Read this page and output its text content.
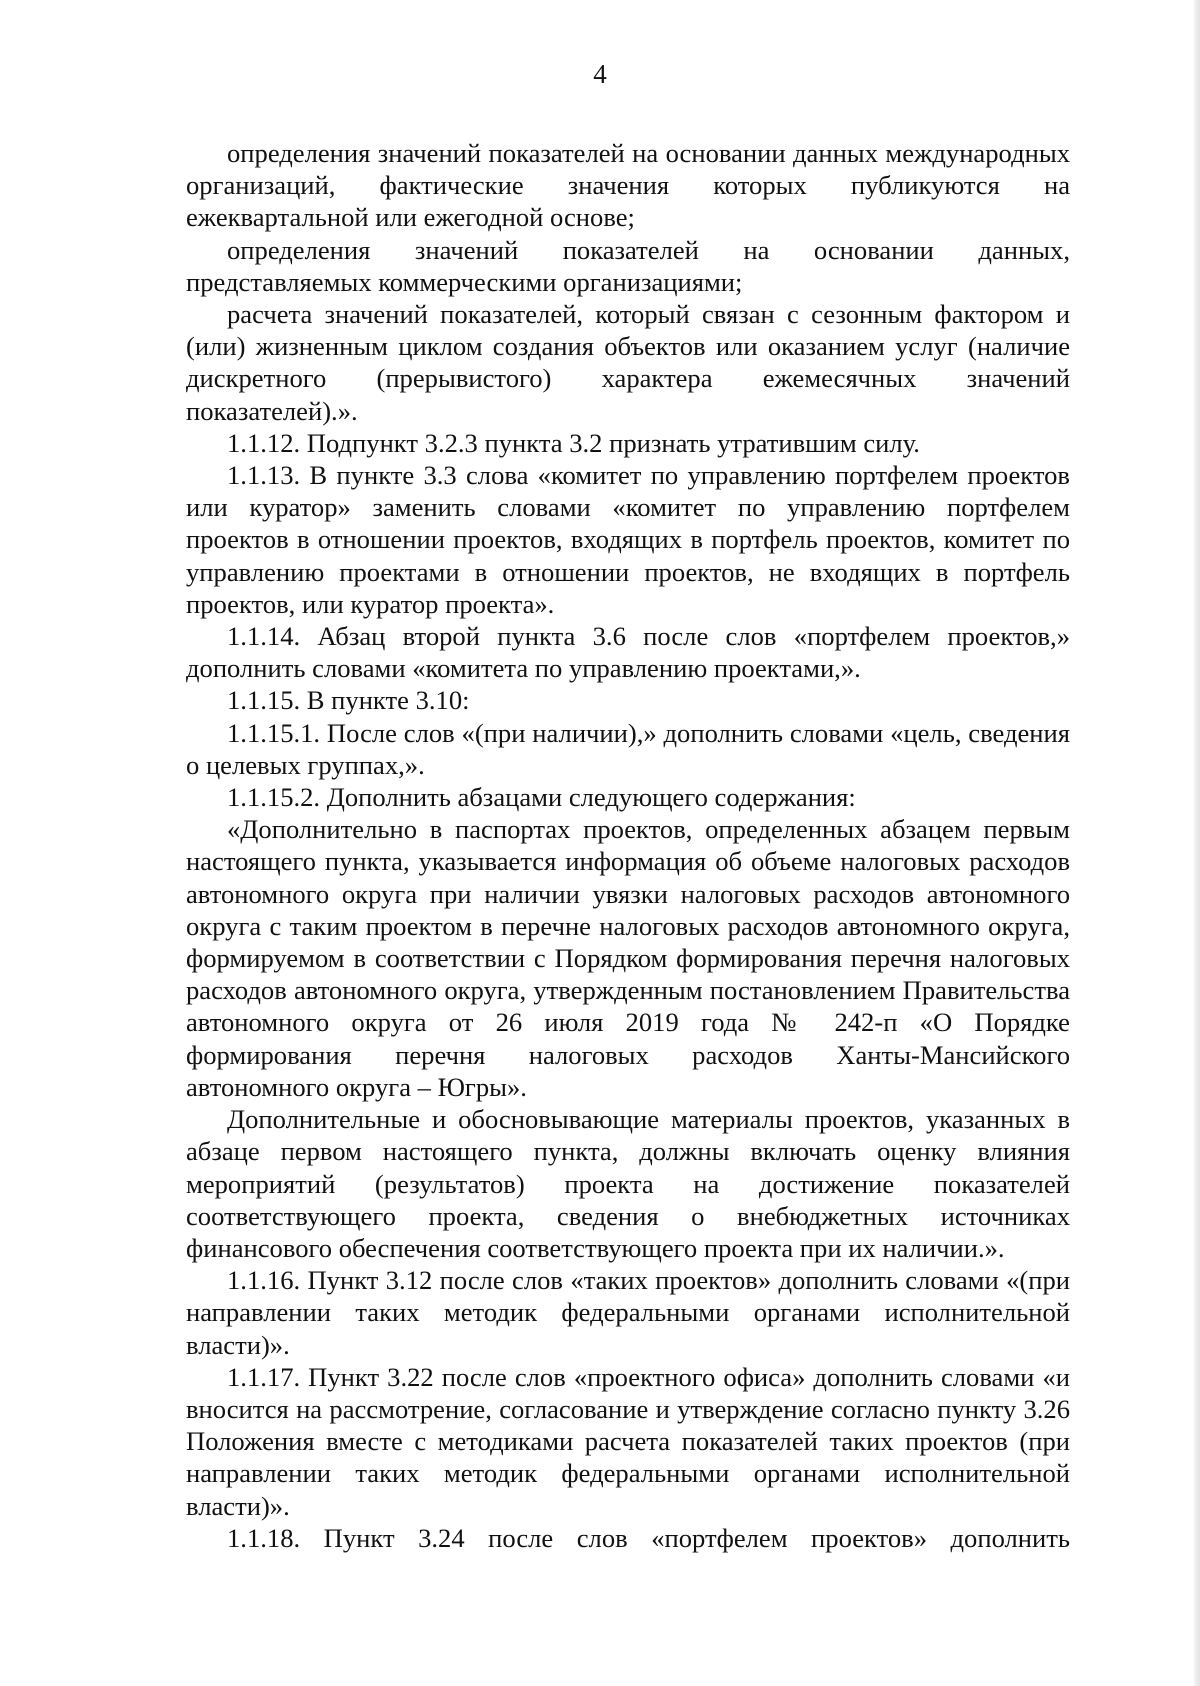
4

определения значений показателей на основании данных международных организаций, фактические значения которых публикуются на ежеквартальной или ежегодной основе;

определения значений показателей на основании данных, представляемых коммерческими организациями;

расчета значений показателей, который связан с сезонным фактором и (или) жизненным циклом создания объектов или оказанием услуг (наличие дискретного (прерывистого) характера ежемесячных значений показателей).».

1.1.12. Подпункт 3.2.3 пункта 3.2 признать утратившим силу.

1.1.13. В пункте 3.3 слова «комитет по управлению портфелем проектов или куратор» заменить словами «комитет по управлению портфелем проектов в отношении проектов, входящих в портфель проектов, комитет по управлению проектами в отношении проектов, не входящих в портфель проектов, или куратор проекта».

1.1.14. Абзац второй пункта 3.6 после слов «портфелем проектов,» дополнить словами «комитета по управлению проектами,».

1.1.15. В пункте 3.10:

1.1.15.1. После слов «(при наличии),» дополнить словами «цель, сведения о целевых группах,».

1.1.15.2. Дополнить абзацами следующего содержания:

«Дополнительно в паспортах проектов, определенных абзацем первым настоящего пункта, указывается информация об объеме налоговых расходов автономного округа при наличии увязки налоговых расходов автономного округа с таким проектом в перечне налоговых расходов автономного округа, формируемом в соответствии с Порядком формирования перечня налоговых расходов автономного округа, утвержденным постановлением Правительства автономного округа от 26 июля 2019 года № 242-п «О Порядке формирования перечня налоговых расходов Ханты-Мансийского автономного округа – Югры».

Дополнительные и обосновывающие материалы проектов, указанных в абзаце первом настоящего пункта, должны включать оценку влияния мероприятий (результатов) проекта на достижение показателей соответствующего проекта, сведения о внебюджетных источниках финансового обеспечения соответствующего проекта при их наличии.».

1.1.16. Пункт 3.12 после слов «таких проектов» дополнить словами «(при направлении таких методик федеральными органами исполнительной власти)».

1.1.17. Пункт 3.22 после слов «проектного офиса» дополнить словами «и вносится на рассмотрение, согласование и утверждение согласно пункту 3.26 Положения вместе с методиками расчета показателей таких проектов (при направлении таких методик федеральными органами исполнительной власти)».

1.1.18. Пункт 3.24 после слов «портфелем проектов» дополнить
